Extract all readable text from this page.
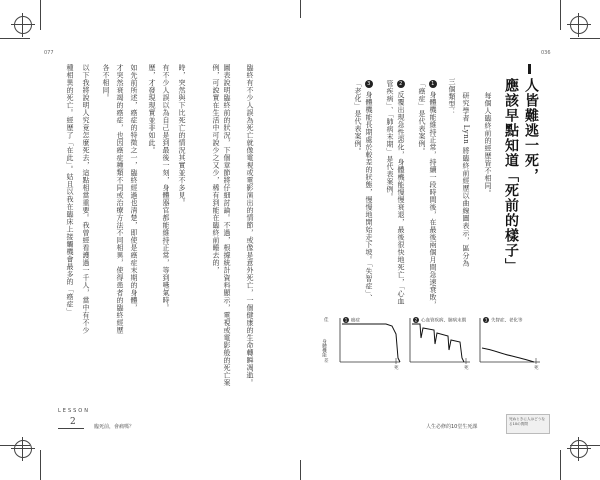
077
臨終有不少人誤為死亡就像電視或電影演出的情節，或像是意外死亡，一個健康的生命轉瞬凋逝。
圖表說明臨終前的狀況，下個章節將仔細討論。不過，根據統計資料顯示，電視或電影般的死亡案例，可說實在生活中可說少之又少，稀有到能在臨終前睡去的，
時，突然與下比死亡的情況其實並不多見。
有不少人誤以為自己是到最後一刻，身體器官都能維持正常，等到嚥氣時。
歷，才發現現實並非如此。
如先前所述，癌症的特徵之一，臨終經過也清楚，即使是癌症末期的身體，
才突然衰竭的癌症，也因癌症種類不同或治療方法不同相異，使得患者的臨終經歷
各不相同。
以下我將說明人究竟怎麼死去，這點相當重要。我曾經看護過一千人，當中有不少
種相異的死亡。經歷了「在此」。姑且以我在臨床上接觸機會最多的「癌症」
LESSON
2	臨死前，會痛嗎？
036
人皆難逃一死，
應該早點知道「死前的樣子」
每個人臨終前的經歷皆不相同。
研究學者 Lynn 將臨終前經歷以曲線圖表示，區分為
三個類型：
1 身體機能維持正常，持續一段時間後，在最後兩個月間急速衰敗，「癌症」是代表案例。
2 反覆出現急性惡化，身體機能慢慢衰退，最後很快地死亡，「心血管疾病」、「肺病末期」是代表案例。
3 身體機能長期處於較差的狀態，慢慢地開始走下坡。「失智症」、「老化」是代表案例。
佳
身體機能
差
1 癌症
死
2 心血管疾病、肺病末期
死
3 失智症、老化等
死
人生必修的10堂生死課
死ぬときに人はどうなる10の質問
